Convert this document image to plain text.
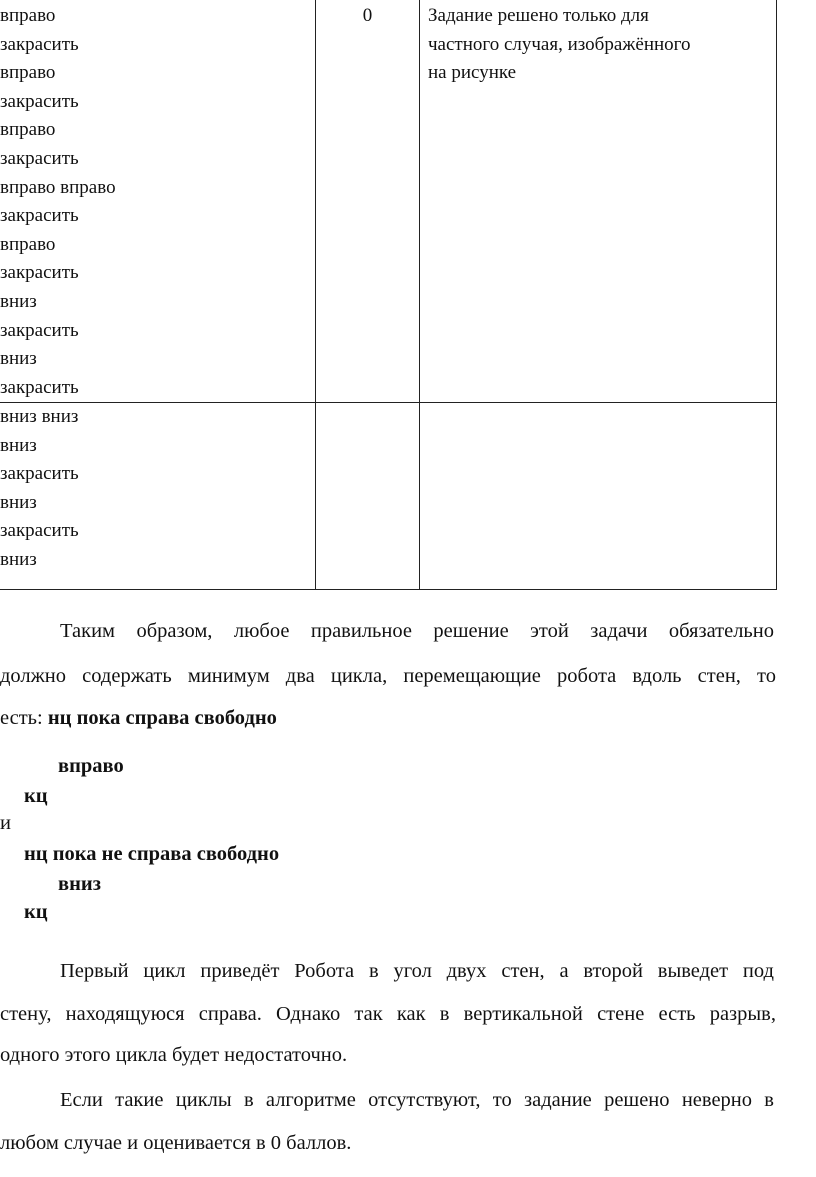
вправо
закрасить
вправо
закрасить
вправо
закрасить
вправо вправо
закрасить
вправо
закрасить
вниз
закрасить
вниз
закрасить
0	Задание решено только для
частного случая, изображённого
на рисунке
вниз вниз
вниз
закрасить
вниз
закрасить
вниз
Таким образом, любое правильное решение этой задачи обязательно
должно содержать минимум два цикла, перемещающие робота вдоль стен, то
есть: нц пока справа свободно
вправо
кц
и
нц пока не справа свободно
вниз
кц
Первый цикл приведёт Робота в угол двух стен, а второй выведет под
стену, находящуюся справа. Однако так как в вертикальной стене есть разрыв,
одного этого цикла будет недостаточно.
Если такие циклы в алгоритме отсутствуют, то задание решено неверно в
любом случае и оценивается в 0 баллов.
